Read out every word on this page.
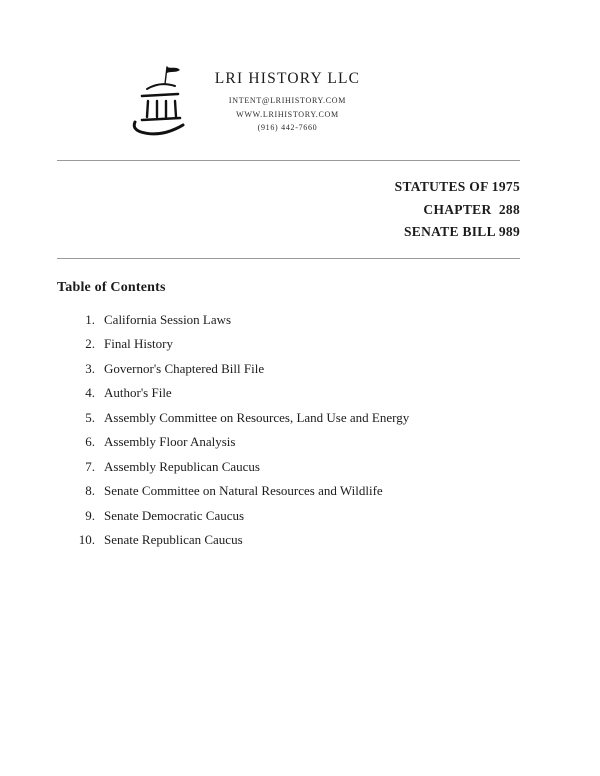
LRI HISTORY LLC
INTENT@LRIHISTORY.COM
WWW.LRIHISTORY.COM
(916) 442-7660
STATUTES OF 1975
CHAPTER  288
SENATE BILL 989
Table of Contents
1. California Session Laws
2. Final History
3. Governor's Chaptered Bill File
4. Author's File
5. Assembly Committee on Resources, Land Use and Energy
6. Assembly Floor Analysis
7. Assembly Republican Caucus
8. Senate Committee on Natural Resources and Wildlife
9. Senate Democratic Caucus
10. Senate Republican Caucus
